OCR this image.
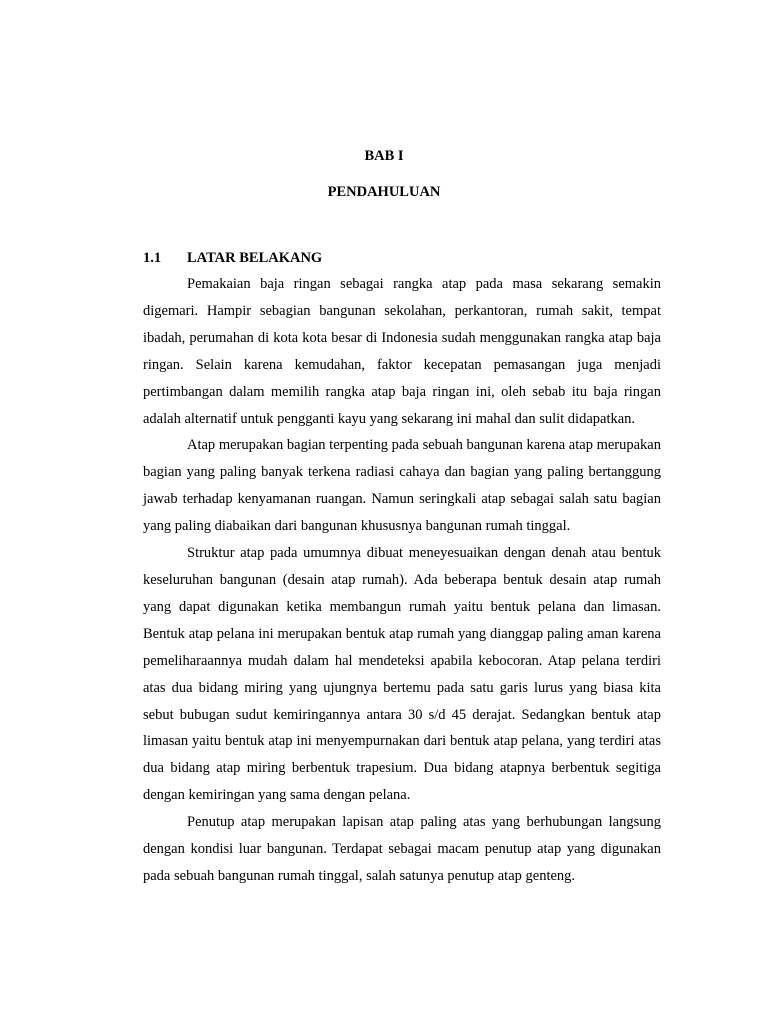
BAB I
PENDAHULUAN
1.1 LATAR BELAKANG

Pemakaian baja ringan sebagai rangka atap pada masa sekarang semakin digemari. Hampir sebagian bangunan sekolahan, perkantoran, rumah sakit, tempat ibadah, perumahan di kota kota besar di Indonesia sudah menggunakan rangka atap baja ringan. Selain karena kemudahan, faktor kecepatan pemasangan juga menjadi pertimbangan dalam memilih rangka atap baja ringan ini, oleh sebab itu baja ringan adalah alternatif untuk pengganti kayu yang sekarang ini mahal dan sulit didapatkan.

Atap merupakan bagian terpenting pada sebuah bangunan karena atap merupakan bagian yang paling banyak terkena radiasi cahaya dan bagian yang paling bertanggung jawab terhadap kenyamanan ruangan. Namun seringkali atap sebagai salah satu bagian yang paling diabaikan dari bangunan khususnya bangunan rumah tinggal.

Struktur atap pada umumnya dibuat meneyesuaikan dengan denah atau bentuk keseluruhan bangunan (desain atap rumah). Ada beberapa bentuk desain atap rumah yang dapat digunakan ketika membangun rumah yaitu bentuk pelana dan limasan. Bentuk atap pelana ini merupakan bentuk atap rumah yang dianggap paling aman karena pemeliharaannya mudah dalam hal mendeteksi apabila kebocoran. Atap pelana terdiri atas dua bidang miring yang ujungnya bertemu pada satu garis lurus yang biasa kita sebut bubugan sudut kemiringannya antara 30 s/d 45 derajat. Sedangkan bentuk atap limasan yaitu bentuk atap ini menyempurnakan dari bentuk atap pelana, yang terdiri atas dua bidang atap miring berbentuk trapesium. Dua bidang atapnya berbentuk segitiga dengan kemiringan yang sama dengan pelana.

Penutup atap merupakan lapisan atap paling atas yang berhubungan langsung dengan kondisi luar bangunan. Terdapat sebagai macam penutup atap yang digunakan pada sebuah bangunan rumah tinggal, salah satunya penutup atap genteng.
